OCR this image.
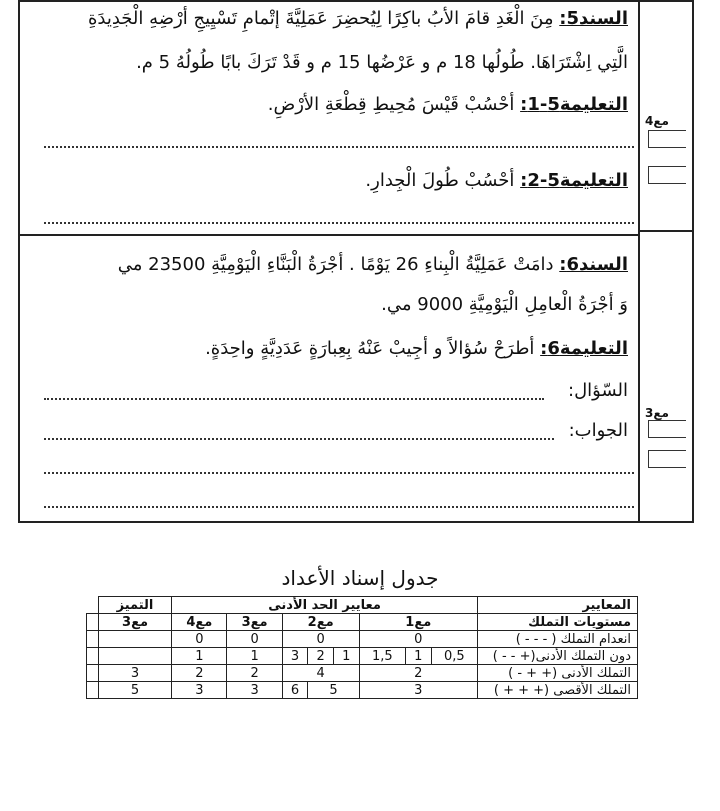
السند5: مِنَ الْغَدِ قامَ الأبُ باكِرًا لِيُحضِرَ عَمَلِيَّةَ إتْمامِ تَسْيِيجِ أرْضِهِ الْجَدِيدَةِ
الَّتِي اِشْتَرَاهَا. طُولُها 18 م و عَرْضُها 15 م و قَدْ تَرَكَ بابًا طُولُهُ 5 م.
التعليمة5-1: أحْسُبْ قَيْسَ مُحِيطِ قِطْعَةِ الأرْضِ.
التعليمة5-2: أحْسُبْ طُولَ الْجِدارِ.
مع4
السند6: دامَتْ عَمَلِيَّةُ الْبِناءِ 26 يَوْمًا . أجْرَةُ الْبَنَّاءِ الْيَوْمِيَّةِ 23500 مي
وَ أجْرَةُ الْعامِلِ الْيَوْمِيَّةِ 9000 مي.
التعليمة6: أطرَحْ سُؤالاً و أجِيبْ عَنْهُ بِعِبارَةٍ عَدَدِيَّةٍ واحِدَةٍ.
السّؤال:
الجواب:
مع3
جدول إسناد الأعداد
المعايير	معايير الحد الأدنى								التميز	
مستويات التملك	مع1			مع2			مع3	مع4	مع3	
انعدام التملك ( - - - )	0			0			0	0		
دون التملك الأدنى(+ - - )	0,5	1	1,5	1	2	3	1	1		
التملك الأدنى (+ + - )	2			4			2	2	3	
التملك الأقصى (+ + + )	3			5		6	3	3	5	
